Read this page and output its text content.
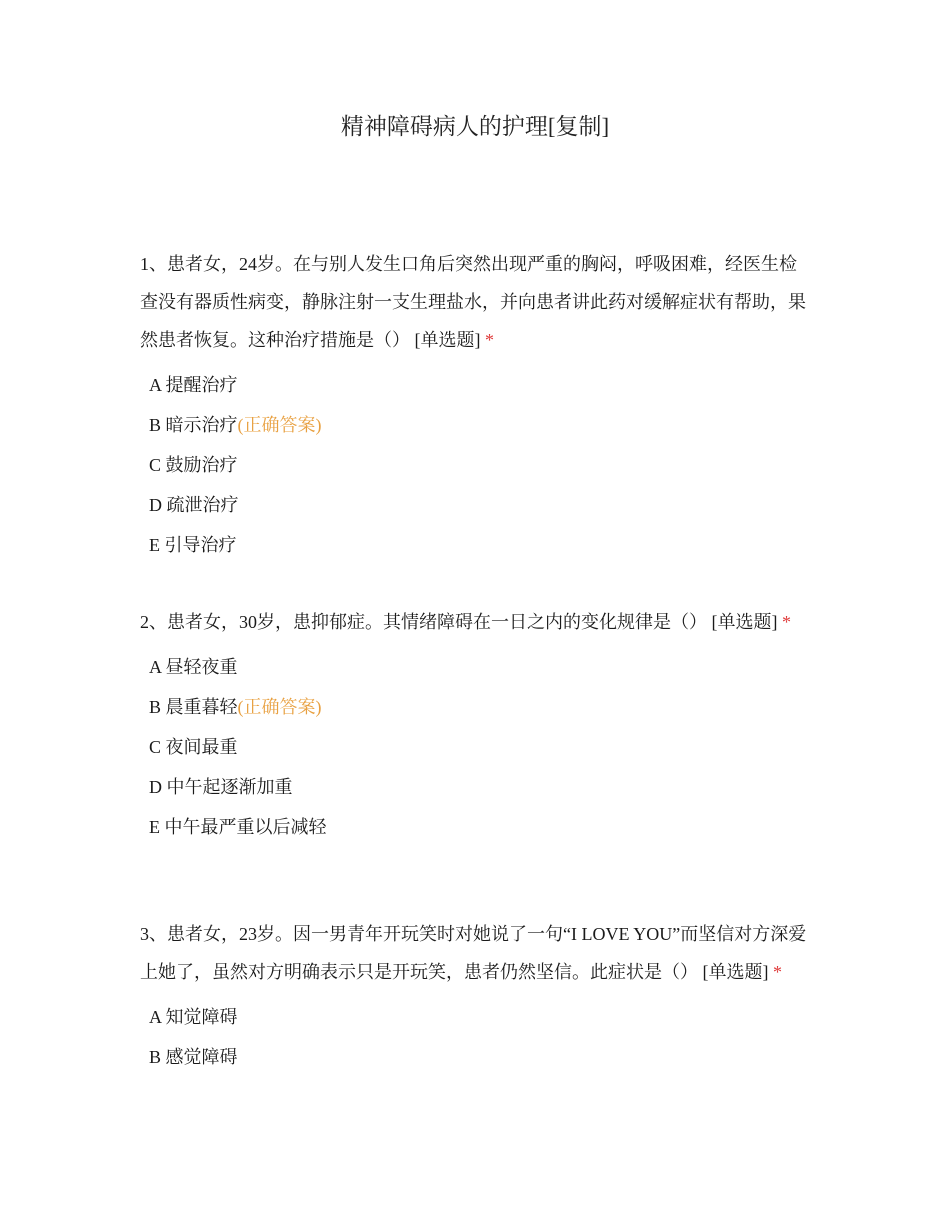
精神障碍病人的护理[复制]

1、患者女，24岁。在与别人发生口角后突然出现严重的胸闷，呼吸困难，经医生检查没有器质性病变，静脉注射一支生理盐水，并向患者讲此药对缓解症状有帮助，果然患者恢复。这种治疗措施是（） [单选题] *

A 提醒治疗
B 暗示治疗(正确答案)
C 鼓励治疗
D 疏泄治疗
E 引导治疗

2、患者女，30岁，患抑郁症。其情绪障碍在一日之内的变化规律是（） [单选题] *

A 昼轻夜重
B 晨重暮轻(正确答案)
C 夜间最重
D 中午起逐渐加重
E 中午最严重以后减轻

3、患者女，23岁。因一男青年开玩笑时对她说了一句“I LOVE YOU”而坚信对方深爱上她了，虽然对方明确表示只是开玩笑，患者仍然坚信。此症状是（） [单选题] *

A 知觉障碍
B 感觉障碍
